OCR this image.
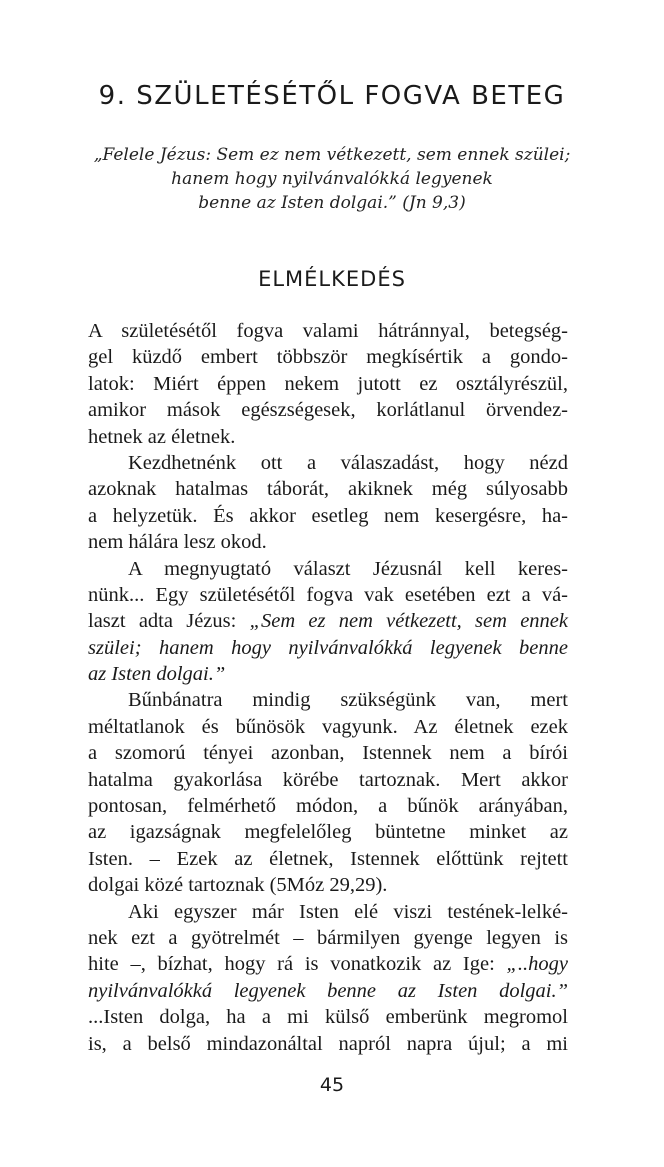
9. SZÜLETÉSÉTŐL FOGVA BETEG
„Felele Jézus: Sem ez nem vétkezett, sem ennek szülei;
hanem hogy nyilvánvalókká legyenek
benne az Isten dolgai.” (Jn 9,3)
ELMÉLKEDÉS
A születésétől fogva valami hátránnyal, betegség-
gel küzdő embert többször megkísértik a gondo-
latok: Miért éppen nekem jutott ez osztályrészül,
amikor mások egészségesek, korlátlanul örvendez-
hetnek az életnek.
Kezdhetnénk ott a válaszadást, hogy nézd
azoknak hatalmas táborát, akiknek még súlyosabb
a helyzetük. És akkor esetleg nem kesergésre, ha-
nem hálára lesz okod.
A megnyugtató választ Jézusnál kell keres-
nünk... Egy születésétől fogva vak esetében ezt a vá-
laszt adta Jézus: „Sem ez nem vétkezett, sem ennek
szülei; hanem hogy nyilvánvalókká legyenek benne
az Isten dolgai.”
Bűnbánatra mindig szükségünk van, mert
méltatlanok és bűnösök vagyunk. Az életnek ezek
a szomorú tényei azonban, Istennek nem a bírói
hatalma gyakorlása körébe tartoznak. Mert akkor
pontosan, felmérhető módon, a bűnök arányában,
az igazságnak megfelelőleg büntetne minket az
Isten. – Ezek az életnek, Istennek előttünk rejtett
dolgai közé tartoznak (5Móz 29,29).
Aki egyszer már Isten elé viszi testének-lelké-
nek ezt a gyötrelmét – bármilyen gyenge legyen is
hite –, bízhat, hogy rá is vonatkozik az Ige: „..hogy
nyilvánvalókká legyenek benne az Isten dolgai.”
...Isten dolga, ha a mi külső emberünk megromol
is, a belső mindazonáltal napról napra újul; a mi
45
